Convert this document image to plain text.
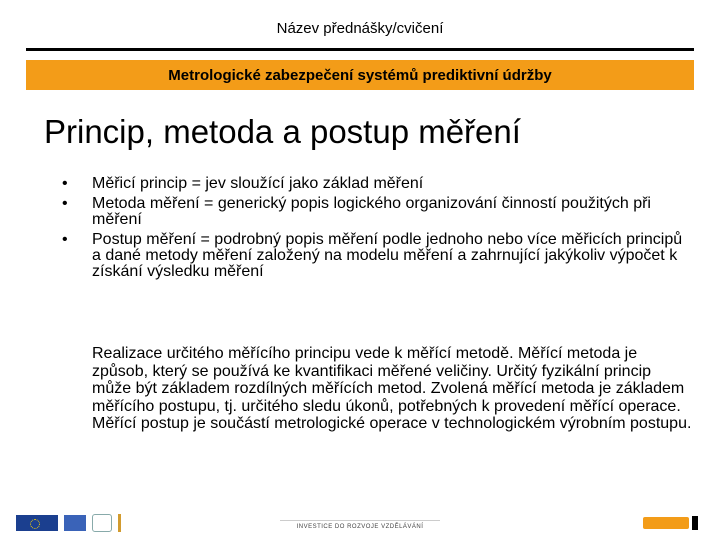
Název přednášky/cvičení
Metrologické zabezpečení systémů prediktivní údržby
Princip, metoda a postup měření
•	Měřicí princip = jev sloužící jako základ měření
•	Metoda měření = generický popis logického organizování činností použitých při měření
•	Postup měření = podrobný popis měření podle jednoho nebo více měřicích principů a dané metody měření založený na modelu měření a zahrnující jakýkoliv výpočet k získání výsledku měření
Realizace určitého měřícího principu vede k měřící metodě. Měřící metoda je způsob, který se používá ke kvantifikaci měřené veličiny. Určitý fyzikální princip může být základem rozdílných měřících metod. Zvolená měřící metoda je základem měřícího postupu, tj. určitého sledu úkonů, potřebných k provedení měřící operace. Měřící postup je součástí metrologické operace v technologickém výrobním postupu.
INVESTICE DO ROZVOJE VZDĚLÁVÁNÍ
